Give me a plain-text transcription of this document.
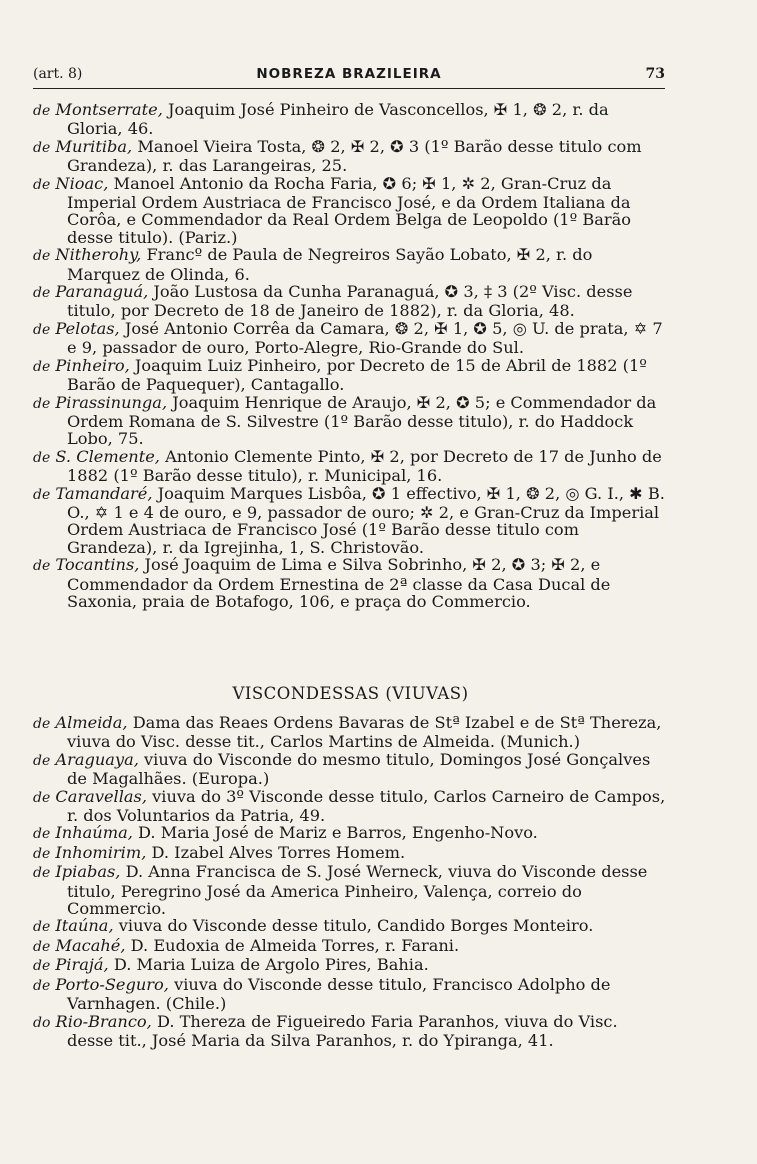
(art. 8)	NOBREZA BRAZILEIRA	73

de Montserrate, Joaquim José Pinheiro de Vasconcellos, ✠ 1, ❂ 2, r. da Gloria, 46.

de Muritiba, Manoel Vieira Tosta, ❂ 2, ✠ 2, ✪ 3 (1º Barão desse titulo com Grandeza), r. das Larangeiras, 25.

de Nioac, Manoel Antonio da Rocha Faria, ✪ 6; ✠ 1, ✲ 2, Gran-Cruz da Imperial Ordem Austriaca de Francisco José, e da Ordem Italiana da Corôa, e Commendador da Real Ordem Belga de Leopoldo (1º Barão desse titulo). (Pariz.)

de Nitherohy, Francº de Paula de Negreiros Sayão Lobato, ✠ 2, r. do Marquez de Olinda, 6.

de Paranaguá, João Lustosa da Cunha Paranaguá, ✪ 3, ‡ 3 (2º Visc. desse titulo, por Decreto de 18 de Janeiro de 1882), r. da Gloria, 48.

de Pelotas, José Antonio Corrêa da Camara, ❂ 2, ✠ 1, ✪ 5, ◎ U. de prata, ✡ 7 e 9, passador de ouro, Porto-Alegre, Rio-Grande do Sul.

de Pinheiro, Joaquim Luiz Pinheiro, por Decreto de 15 de Abril de 1882 (1º Barão de Paquequer), Cantagallo.

de Pirassinunga, Joaquim Henrique de Araujo, ✠ 2, ✪ 5; e Commendador da Ordem Romana de S. Silvestre (1º Barão desse titulo), r. do Haddock Lobo, 75.

de S. Clemente, Antonio Clemente Pinto, ✠ 2, por Decreto de 17 de Junho de 1882 (1º Barão desse titulo), r. Municipal, 16.

de Tamandaré, Joaquim Marques Lisbôa, ✪ 1 effectivo, ✠ 1, ❂ 2, ◎ G. I., ✱ B. O., ✡ 1 e 4 de ouro, e 9, passador de ouro; ✲ 2, e Gran-Cruz da Imperial Ordem Austriaca de Francisco José (1º Barão desse titulo com Grandeza), r. da Igrejinha, 1, S. Christovão.

de Tocantins, José Joaquim de Lima e Silva Sobrinho, ✠ 2, ✪ 3; ✠ 2, e Commendador da Ordem Ernestina de 2ª classe da Casa Ducal de Saxonia, praia de Botafogo, 106, e praça do Commercio.

VISCONDESSAS (VIUVAS)

de Almeida, Dama das Reaes Ordens Bavaras de Stª Izabel e de Stª Thereza, viuva do Visc. desse tit., Carlos Martins de Almeida. (Munich.)

de Araguaya, viuva do Visconde do mesmo titulo, Domingos José Gonçalves de Magalhães. (Europa.)

de Caravellas, viuva do 3º Visconde desse titulo, Carlos Carneiro de Campos, r. dos Voluntarios da Patria, 49.

de Inhaúma, D. Maria José de Mariz e Barros, Engenho-Novo.

de Inhomirim, D. Izabel Alves Torres Homem.

de Ipiabas, D. Anna Francisca de S. José Werneck, viuva do Visconde desse titulo, Peregrino José da America Pinheiro, Valença, correio do Commercio.

de Itaúna, viuva do Visconde desse titulo, Candido Borges Monteiro.

de Macahé, D. Eudoxia de Almeida Torres, r. Farani.

de Pirajá, D. Maria Luiza de Argolo Pires, Bahia.

de Porto-Seguro, viuva do Visconde desse titulo, Francisco Adolpho de Varnhagen. (Chile.)

do Rio-Branco, D. Thereza de Figueiredo Faria Paranhos, viuva do Visc. desse tit., José Maria da Silva Paranhos, r. do Ypiranga, 41.
